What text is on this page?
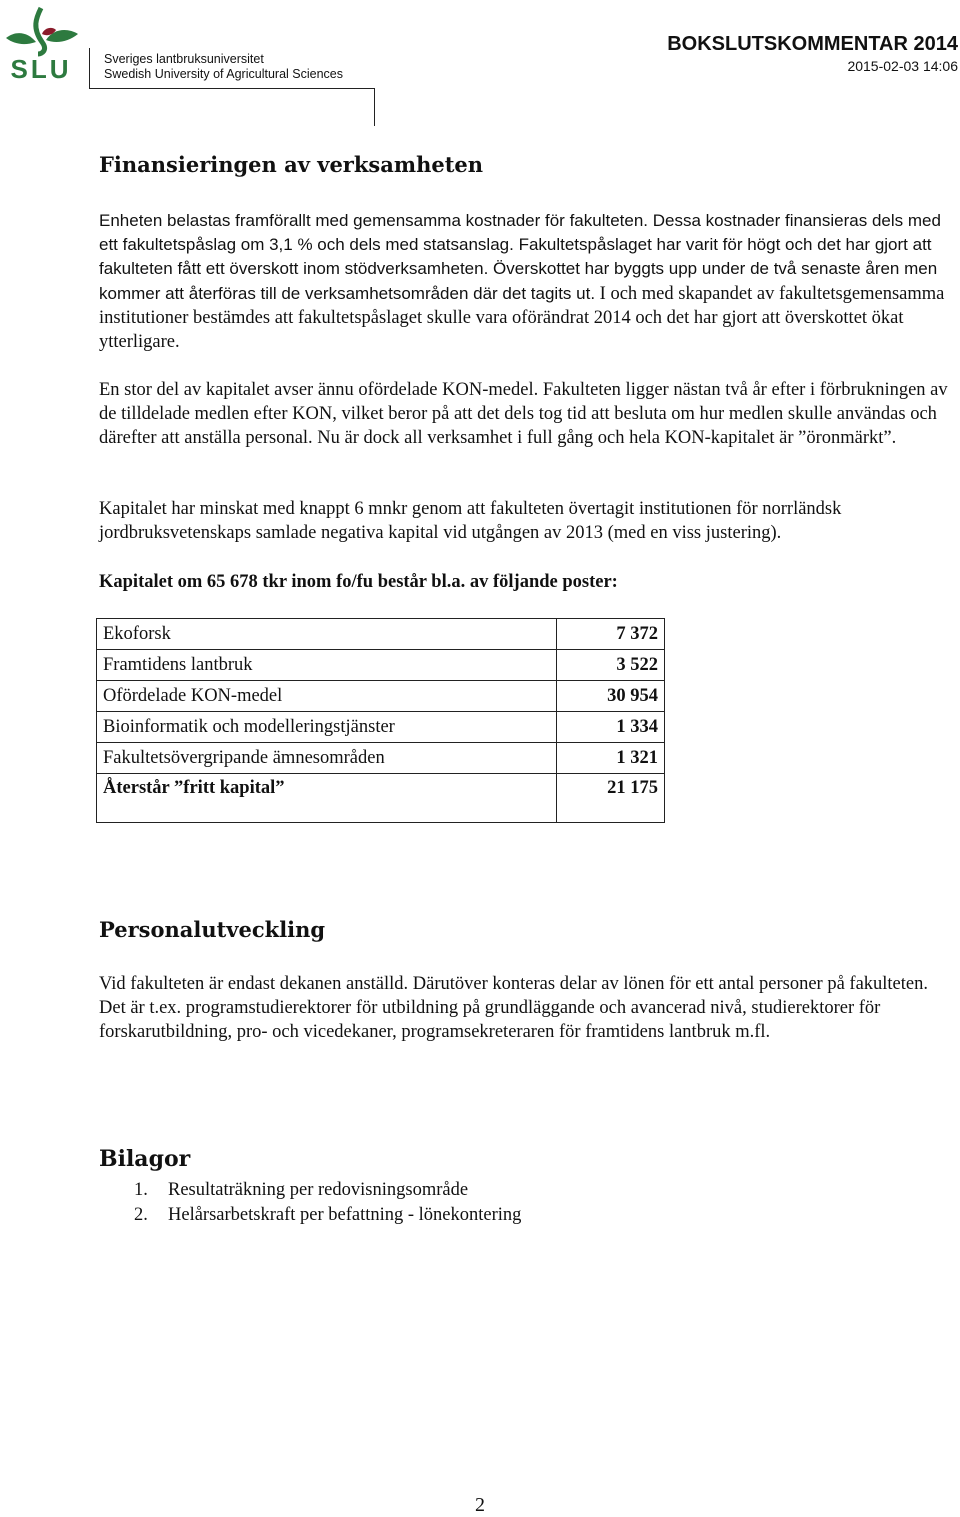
SLU	Sveriges lantbruksuniversitet
Swedish University of Agricultural Sciences
BOKSLUTSKOMMENTAR 2014
2015-02-03 14:06
Finansieringen av verksamheten

Enheten belastas framförallt med gemensamma kostnader för fakulteten. Dessa kostnader finansieras dels med ett fakultetspåslag om 3,1 % och dels med statsanslag. Fakultetspåslaget har varit för högt och det har gjort att fakulteten fått ett överskott inom stödverksamheten. Överskottet har byggts upp under de två senaste åren men kommer att återföras till de verksamhetsområden där det tagits ut. I och med skapandet av fakultetsgemensamma institutioner bestämdes att fakultetspåslaget skulle vara oförändrat 2014 och det har gjort att överskottet ökat ytterligare.

En stor del av kapitalet avser ännu ofördelade KON-medel. Fakulteten ligger nästan två år efter i förbrukningen av de tilldelade medlen efter KON, vilket beror på att det dels tog tid att besluta om hur medlen skulle användas och därefter att anställa personal. Nu är dock all verksamhet i full gång och hela KON-kapitalet är ”öronmärkt”.

Kapitalet har minskat med knappt 6 mnkr genom att fakulteten övertagit institutionen för norrländsk jordbruksvetenskaps samlade negativa kapital vid utgången av 2013 (med en viss justering).

Kapitalet om 65 678 tkr inom fo/fu består bl.a. av följande poster:

Ekoforsk	7 372
Framtidens lantbruk	3 522
Ofördelade KON-medel	30 954
Bioinformatik och modelleringstjänster	1 334
Fakultetsövergripande ämnesområden	1 321
Återstår ”fritt kapital”	21 175
Personalutveckling

Vid fakulteten är endast dekanen anställd. Därutöver konteras delar av lönen för ett antal personer på fakulteten. Det är t.ex. programstudierektorer för utbildning på grundläggande och avancerad nivå, studierektorer för forskarutbildning, pro- och vicedekaner, programsekreteraren för framtidens lantbruk m.fl.

Bilagor
1. Resultaträkning per redovisningsområde
2. Helårsarbetskraft per befattning - lönekontering
2
